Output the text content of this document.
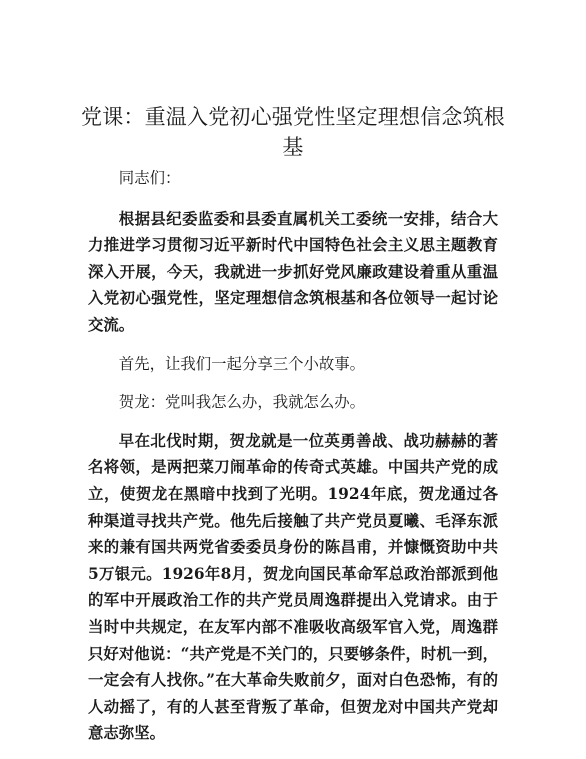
党课：重温入党初心强党性坚定理想信念筑根基

同志们：

根据县纪委监委和县委直属机关工委统一安排，结合大力推进学习贯彻习近平新时代中国特色社会主义思主题教育深入开展，今天，我就进一步抓好党风廉政建设着重从重温入党初心强党性，坚定理想信念筑根基和各位领导一起讨论交流。

首先，让我们一起分享三个小故事。

贺龙：党叫我怎么办，我就怎么办。

早在北伐时期，贺龙就是一位英勇善战、战功赫赫的著名将领，是两把菜刀闹革命的传奇式英雄。中国共产党的成立，使贺龙在黑暗中找到了光明。1924年底，贺龙通过各种渠道寻找共产党。他先后接触了共产党员夏曦、毛泽东派来的兼有国共两党省委委员身份的陈昌甫，并慷慨资助中共5万银元。1926年8月，贺龙向国民革命军总政治部派到他的军中开展政治工作的共产党员周逸群提出入党请求。由于当时中共规定，在友军内部不准吸收高级军官入党，周逸群只好对他说：“共产党是不关门的，只要够条件，时机一到，一定会有人找你。”在大革命失败前夕，面对白色恐怖，有的人动摇了，有的人甚至背叛了革命，但贺龙对中国共产党却意志弥坚。
